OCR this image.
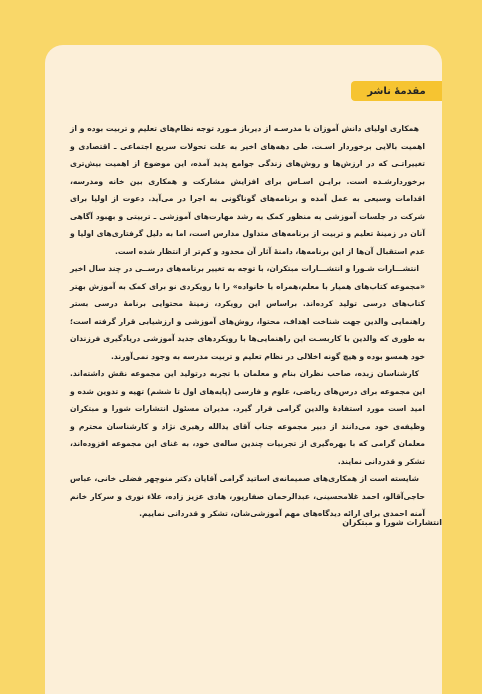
مقدمهٔ ناشر

همکاری اولیای دانش آموزان با مدرسـه از دیرباز مـورد توجه نظام‌های تعلیم و تربیت بوده و از اهمیت بالایی برخوردار اسـت. طی دهه‌های اخیر به علت تحولات سریع اجتماعی ـ اقتصادی و تغییراتـی که در ارزش‌ها و روش‌های زندگی جوامع پدید آمده، این موضوع از اهمیت بیش‌تری برخوردارشـده است. برایـن اسـاس برای افزایش مشارکت و همکاری بین خانه ومدرسه، اقدامات وسیعی به عمل آمده و برنامه‌های گوناگونی به اجرا در می‌آید. دعوت از اولیا برای شرکت در جلسات آموزشی به منظور کمک به رشد مهارت‌های آموزشی ـ تربیتی و بهبود آگاهی آنان در زمینهٔ تعلیم و تربیت از برنامه‌های متداول مدارس است، اما به دلیل گرفتاری‌های اولیا و عدم استقبال آن‌ها از این برنامه‌ها، دامنهٔ آثار آن محدود و کم‌تر از انتظار شده است.

انتشـــارات شـورا و انتشـــارات مبتکران، با توجه به تغییر برنامه‌های درســی در چند سال اخیر «مجموعه کتاب‌های همیار با معلم،همراه با خانواده» را با رویکردی نو برای کمک به آموزش بهتر کتاب‌های درسی تولید کرده‌اند. براساس این رویکرد، زمینهٔ محتوایی برنامهٔ درسی بستر راهنمایی والدین جهت شناخت اهداف، محتوا، روش‌های آموزشی و ارزشیابی قرار گرفته است؛ به طوری که والدین با کاربسـت این راهنمایی‌ها با رویکردهای جدید آموزشی دریادگیری فرزندان خود همسو بوده و هیچ گونه اخلالی در نظام تعلیم و تربیت مدرسه به وجود نمی‌آورند.

کارشناسان زبده، صاحب نظران بنام و معلمان با تجربه درتولید این مجموعه نقش داشته‌اند. این مجموعه برای درس‌های ریاضی، علوم و فارسی (پایه‌های اول تا ششم) تهیه و تدوین شده و امید است مورد استفادهٔ والدین گرامی قرار گیرد. مدیران مسئول انتشارات شورا و مبتکران وظیفه‌ی خود می‌دانند از دبیر مجموعه جناب آقای یدالله رهبری نژاد و کارشناسان محترم و معلمان گرامی که با بهره‌گیری از تجربیات چندین ساله‌ی خود، به غنای این مجموعه افزوده‌اند، تشکر و قدردانی نمایند.

شایسته است از همکاری‌های صمیمانه‌ی اساتید گرامی آقایان دکتر منوچهر فضلی خانی، عباس حاجی‌آقالو، احمد غلامحسینی، عبدالرحمان صفارپور، هادی عزیز زاده، علاء نوری و سرکار خانم آمنه احمدی برای ارائه دیدگاه‌های مهم آموزشی‌شان، تشکر و قدردانی نماییم.

انتشارات شورا و مبتکران
